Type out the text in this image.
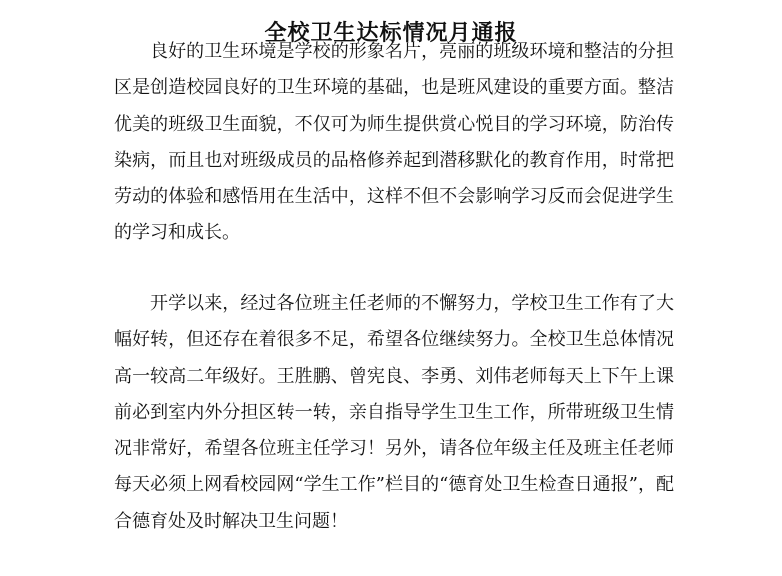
全校卫生达标情况月通报

良好的卫生环境是学校的形象名片，亮丽的班级环境和整洁的分担区是创造校园良好的卫生环境的基础，也是班风建设的重要方面。整洁优美的班级卫生面貌，不仅可为师生提供赏心悦目的学习环境，防治传染病，而且也对班级成员的品格修养起到潜移默化的教育作用，时常把劳动的体验和感悟用在生活中，这样不但不会影响学习反而会促进学生的学习和成长。

开学以来，经过各位班主任老师的不懈努力，学校卫生工作有了大幅好转，但还存在着很多不足，希望各位继续努力。全校卫生总体情况高一较高二年级好。王胜鹏、曾宪良、李勇、刘伟老师每天上下午上课前必到室内外分担区转一转，亲自指导学生卫生工作，所带班级卫生情况非常好，希望各位班主任学习！另外，请各位年级主任及班主任老师每天必须上网看校园网“学生工作”栏目的“德育处卫生检查日通报”，配合德育处及时解决卫生问题！
